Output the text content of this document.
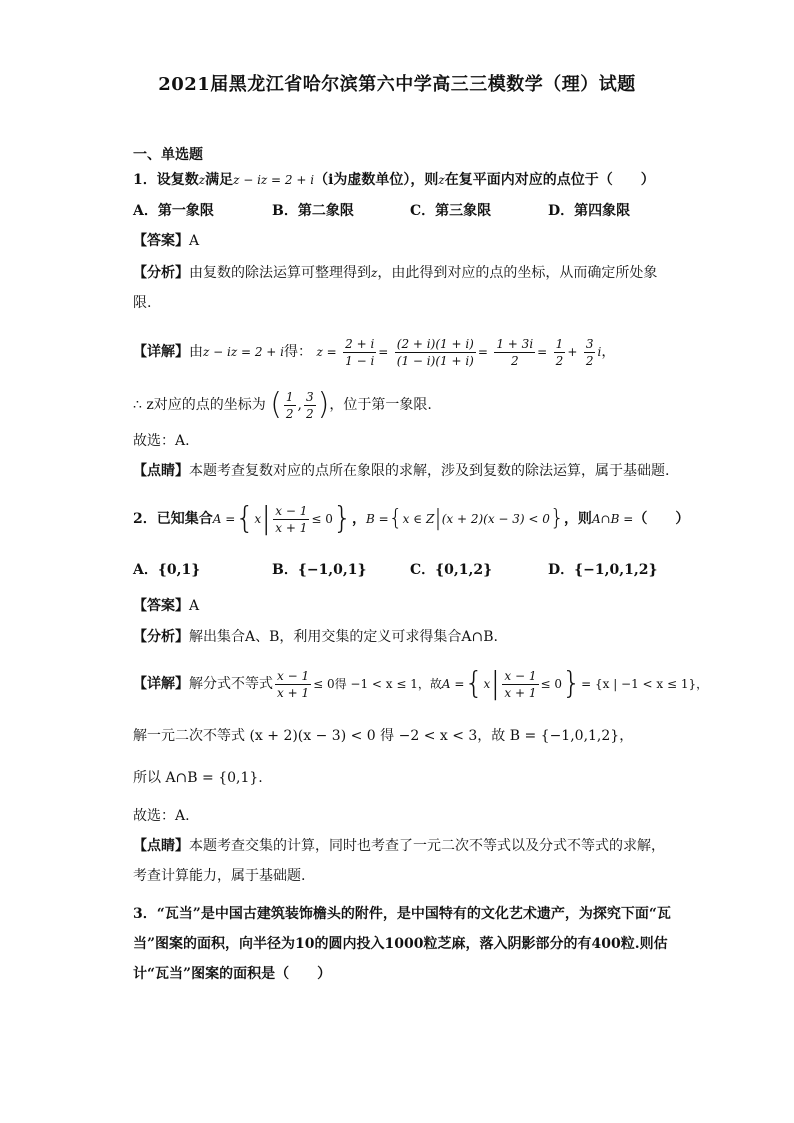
2021届黑龙江省哈尔滨第六中学高三三模数学（理）试题
一、单选题
1．设复数z满足z − iz = 2 + i（i为虚数单位），则z在复平面内对应的点位于（　　）
A．第一象限	B．第二象限	C．第三象限	D．第四象限
【答案】A
【分析】由复数的除法运算可整理得到z，由此得到对应的点的坐标，从而确定所处象
限.
【详解】由z − iz = 2 + i得： $z = \frac{2 + i}{1 - i} = \frac{(2 + i)(1 + i)}{(1 - i)(1 + i)} = \frac{1 + 3i}{2} = \frac{1}{2} + \frac{3}{2}$ i，
∴ z对应的点的坐标为 ( $\frac{1}{2}$ , $\frac{3}{2}$ )，位于第一象限.
故选：A.
【点睛】本题考查复数对应的点所在象限的求解，涉及到复数的除法运算，属于基础题.
2．已知集合$A =\{x| \frac{x - 1}{x + 1} \le 0\}$，B ={x ∈ Z|(x + 2)(x − 3) < 0}，则A∩B =（　　）
A．{0,1}	B．{−1,0,1}	C．{0,1,2}	D．{−1,0,1,2}
【答案】A
【分析】解出集合A、B，利用交集的定义可求得集合A∩B.
【详解】解分式不等式 $\frac{x - 1}{x + 1} \le 0$得 −1 < x ≤ 1，故$A =\{x| \frac{x - 1}{x + 1} \le 0\}= \{x$ | −1 < x ≤ 1}，
解一元二次不等式 (x + 2)(x − 3) < 0 得 −2 < x < 3，故 B = {−1,0,1,2}，
所以 A∩B = {0,1}.
故选：A.
【点睛】本题考查交集的计算，同时也考查了一元二次不等式以及分式不等式的求解，
考查计算能力，属于基础题.
3．“瓦当”是中国古建筑装饰檐头的附件，是中国特有的文化艺术遗产，为探究下面“瓦
当”图案的面积，向半径为10的圆内投入1000粒芝麻，落入阴影部分的有400粒.则估
计“瓦当”图案的面积是（　　）
